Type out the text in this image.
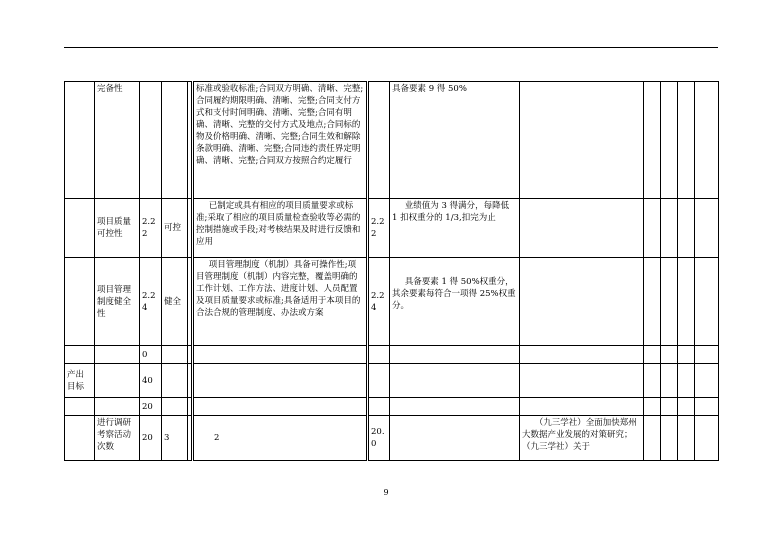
	完备性				标准或验收标准;合同双方明确、清晰、完整;合同履约期限明确、清晰、完整;合同支付方式和支付时间明确、清晰、完整;合同有明确、清晰、完整的交付方式及地点;合同标的物及价格明确、清晰、完整;合同生效和解除条款明确、清晰、完整;合同违约责任界定明确、清晰、完整;合同双方按照合约定履行		具备要素 9 得 50%					
	项目质量可控性	2.22	可控		已制定或具有相应的项目质量要求或标准;采取了相应的项目质量检查验收等必需的控制措施或手段;对考核结果及时进行反馈和应用	2.22	业绩值为 3 得满分，每降低 1 扣权重分的 1/3,扣完为止					
	项目管理制度健全性	2.24	健全		项目管理制度（机制）具备可操作性;项目管理制度（机制）内容完整，覆盖明确的工作计划、工作方法、进度计划、人员配置及项目质量要求或标准;具备适用于本项目的合法合规的管理制度、办法或方案	2.24	具备要素 1 得 50%权重分，其余要素每符合一项得 25%权重分。					
		0										
产出目标		40										
		20										
	进行调研考察活动次数	20	3		2	20.0		（九三学社）全面加快郑州大数据产业发展的对策研究；（九三学社）关于				
9
